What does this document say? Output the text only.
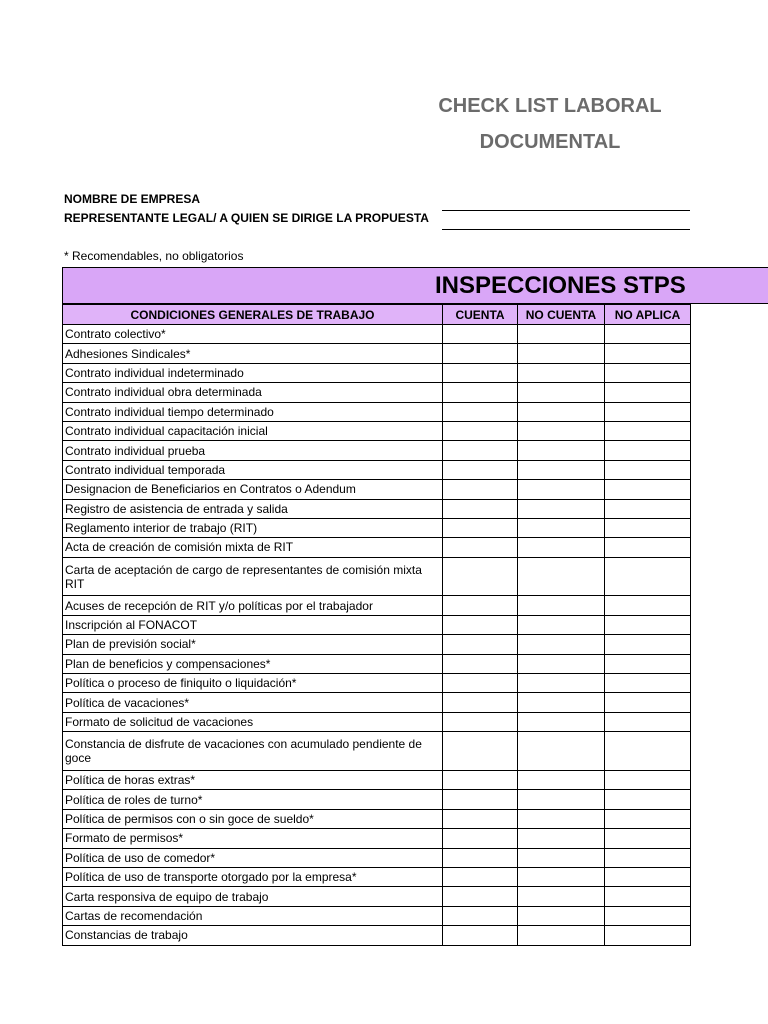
CHECK LIST LABORAL
DOCUMENTAL
NOMBRE DE EMPRESA
REPRESENTANTE LEGAL/ A QUIEN SE DIRIGE LA PROPUESTA
* Recomendables, no obligatorios
INSPECCIONES STPS
CONDICIONES GENERALES DE TRABAJO	CUENTA	NO CUENTA	NO APLICA
Contrato colectivo*			
Adhesiones Sindicales*			
Contrato individual indeterminado			
Contrato individual obra determinada			
Contrato individual tiempo determinado			
Contrato individual capacitación inicial			
Contrato individual prueba			
Contrato individual temporada			
Designacion de Beneficiarios en Contratos o Adendum			
Registro de asistencia de entrada y salida			
Reglamento interior de trabajo (RIT)			
Acta de creación de comisión mixta de RIT			
Carta de aceptación de cargo de representantes de comisión mixta RIT			
Acuses de recepción de RIT y/o políticas por el trabajador			
Inscripción al FONACOT			
Plan de previsión social*			
Plan de beneficios y compensaciones*			
Política o proceso de finiquito o liquidación*			
Política de vacaciones*			
Formato de solicitud de vacaciones			
Constancia de disfrute de vacaciones con acumulado pendiente de goce			
Política de horas extras*			
Política de roles de turno*			
Política de permisos con o sin goce de sueldo*			
Formato de permisos*			
Política de uso de comedor*			
Política de uso de transporte otorgado por la empresa*			
Carta responsiva de equipo de trabajo			
Cartas de recomendación			
Constancias de trabajo			
